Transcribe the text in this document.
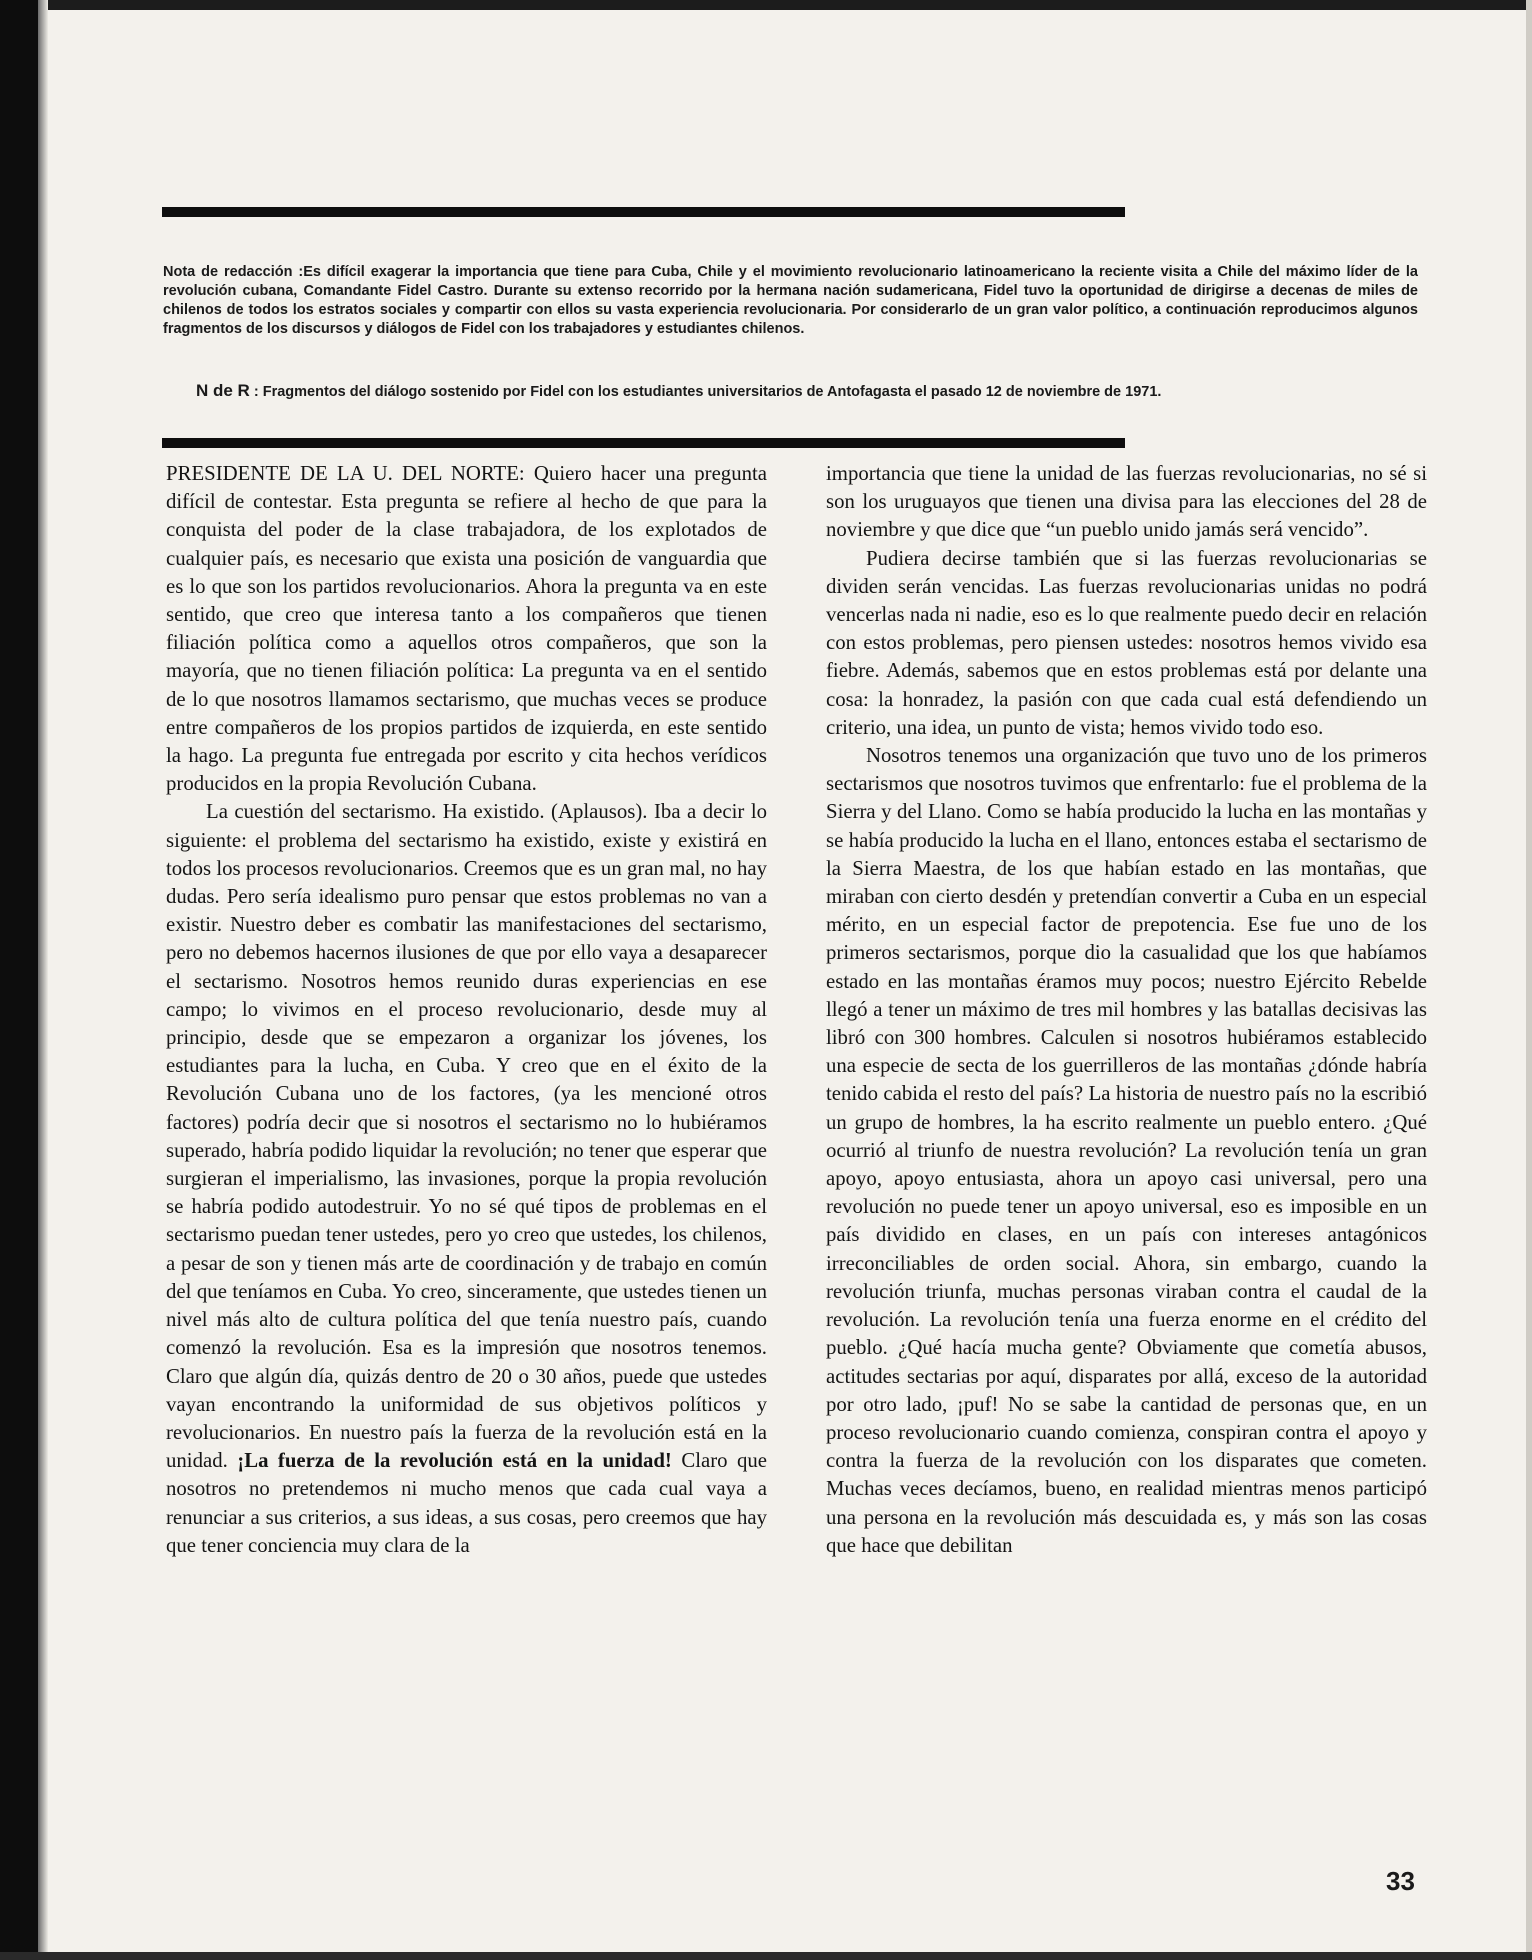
Nota de redacción :Es difícil exagerar la importancia que tiene para Cuba, Chile y el movimiento revolucionario latinoamericano la reciente visita a Chile del máximo líder de la revolución cubana, Comandante Fidel Castro. Durante su extenso recorrido por la hermana nación sudamericana, Fidel tuvo la oportunidad de dirigirse a decenas de miles de chilenos de todos los estratos sociales y compartir con ellos su vasta experiencia revolucionaria. Por considerarlo de un gran valor político, a continuación reproducimos algunos fragmentos de los discursos y diálogos de Fidel con los trabajadores y estudiantes chilenos.
N de R : Fragmentos del diálogo sostenido por Fidel con los estudiantes universitarios de Antofagasta el pasado 12 de noviembre de 1971.

PRESIDENTE DE LA U. DEL NORTE: Quiero hacer una pregunta difícil de contestar. Esta pregunta se refiere al hecho de que para la conquista del poder de la clase trabajadora, de los explotados de cualquier país, es necesario que exista una posición de vanguardia que es lo que son los partidos revolucionarios. Ahora la pregunta va en este sentido, que creo que interesa tanto a los compañeros que tienen filiación política como a aquellos otros compañeros, que son la mayoría, que no tienen filiación política: La pregunta va en el sentido de lo que nosotros llamamos sectarismo, que muchas veces se produce entre compañeros de los propios partidos de izquierda, en este sentido la hago. La pregunta fue entregada por escrito y cita hechos verídicos producidos en la propia Revolución Cubana.

La cuestión del sectarismo. Ha existido. (Aplausos). Iba a decir lo siguiente: el problema del sectarismo ha existido, existe y existirá en todos los procesos revolucionarios. Creemos que es un gran mal, no hay dudas. Pero sería idealismo puro pensar que estos problemas no van a existir. Nuestro deber es combatir las manifestaciones del sectarismo, pero no debemos hacernos ilusiones de que por ello vaya a desaparecer el sectarismo. Nosotros hemos reunido duras experiencias en ese campo; lo vivimos en el proceso revolucionario, desde muy al principio, desde que se empezaron a organizar los jóvenes, los estudiantes para la lucha, en Cuba. Y creo que en el éxito de la Revolución Cubana uno de los factores, (ya les mencioné otros factores) podría decir que si nosotros el sectarismo no lo hubiéramos superado, habría podido liquidar la revolución; no tener que esperar que surgieran el imperialismo, las invasiones, porque la propia revolución se habría podido autodestruir. Yo no sé qué tipos de problemas en el sectarismo puedan tener ustedes, pero yo creo que ustedes, los chilenos, a pesar de son y tienen más arte de coordinación y de trabajo en común del que teníamos en Cuba. Yo creo, sinceramente, que ustedes tienen un nivel más alto de cultura política del que tenía nuestro país, cuando comenzó la revolución. Esa es la impresión que nosotros tenemos. Claro que algún día, quizás dentro de 20 o 30 años, puede que ustedes vayan encontrando la uniformidad de sus objetivos políticos y revolucionarios. En nuestro país la fuerza de la revolución está en la unidad. ¡La fuerza de la revolución está en la unidad! Claro que nosotros no pretendemos ni mucho menos que cada cual vaya a renunciar a sus criterios, a sus ideas, a sus cosas, pero creemos que hay que tener conciencia muy clara de la

importancia que tiene la unidad de las fuerzas revolucionarias, no sé si son los uruguayos que tienen una divisa para las elecciones del 28 de noviembre y que dice que “un pueblo unido jamás será vencido”.

Pudiera decirse también que si las fuerzas revolucionarias se dividen serán vencidas. Las fuerzas revolucionarias unidas no podrá vencerlas nada ni nadie, eso es lo que realmente puedo decir en relación con estos problemas, pero piensen ustedes: nosotros hemos vivido esa fiebre. Además, sabemos que en estos problemas está por delante una cosa: la honradez, la pasión con que cada cual está defendiendo un criterio, una idea, un punto de vista; hemos vivido todo eso.

Nosotros tenemos una organización que tuvo uno de los primeros sectarismos que nosotros tuvimos que enfrentarlo: fue el problema de la Sierra y del Llano. Como se había producido la lucha en las montañas y se había producido la lucha en el llano, entonces estaba el sectarismo de la Sierra Maestra, de los que habían estado en las montañas, que miraban con cierto desdén y pretendían convertir a Cuba en un especial mérito, en un especial factor de prepotencia. Ese fue uno de los primeros sectarismos, porque dio la casualidad que los que habíamos estado en las montañas éramos muy pocos; nuestro Ejército Rebelde llegó a tener un máximo de tres mil hombres y las batallas decisivas las libró con 300 hombres. Calculen si nosotros hubiéramos establecido una especie de secta de los guerrilleros de las montañas ¿dónde habría tenido cabida el resto del país? La historia de nuestro país no la escribió un grupo de hombres, la ha escrito realmente un pueblo entero. ¿Qué ocurrió al triunfo de nuestra revolución? La revolución tenía un gran apoyo, apoyo entusiasta, ahora un apoyo casi universal, pero una revolución no puede tener un apoyo universal, eso es imposible en un país dividido en clases, en un país con intereses antagónicos irreconciliables de orden social. Ahora, sin embargo, cuando la revolución triunfa, muchas personas viraban contra el caudal de la revolución. La revolución tenía una fuerza enorme en el crédito del pueblo. ¿Qué hacía mucha gente? Obviamente que cometía abusos, actitudes sectarias por aquí, disparates por allá, exceso de la autoridad por otro lado, ¡puf! No se sabe la cantidad de personas que, en un proceso revolucionario cuando comienza, conspiran contra el apoyo y contra la fuerza de la revolución con los disparates que cometen. Muchas veces decíamos, bueno, en realidad mientras menos participó una persona en la revolución más descuidada es, y más son las cosas que hace que debilitan

33
